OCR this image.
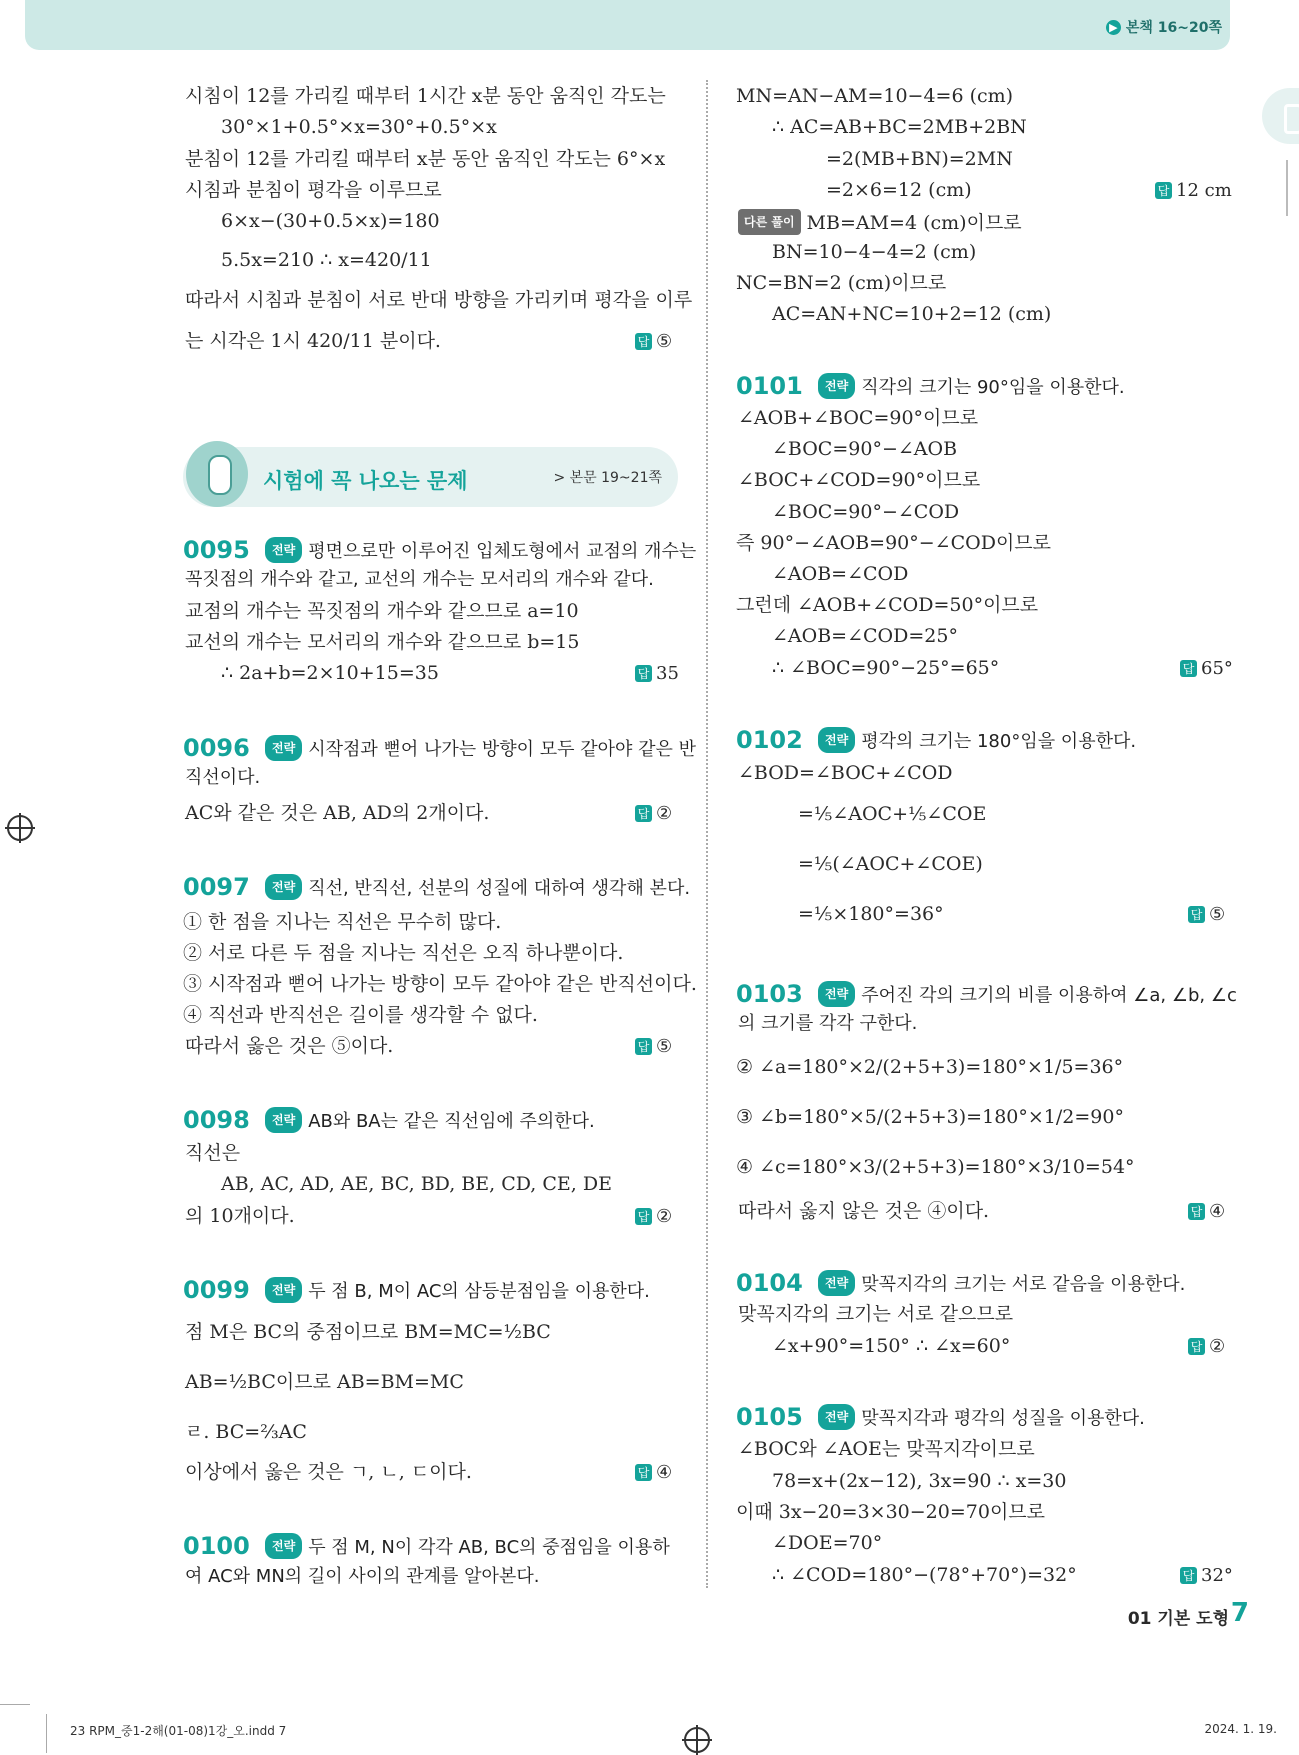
▶ 본책 16~20쪽
시침이 12를 가리킬 때부터 1시간 x분 동안 움직인 각도는
30°×1+0.5°×x=30°+0.5°×x
분침이 12를 가리킬 때부터 x분 동안 움직인 각도는 6°×x
시침과 분침이 평각을 이루므로
6×x−(30+0.5×x)=180
5.5x=210 ∴ x=420/11
따라서 시침과 분침이 서로 반대 방향을 가리키며 평각을 이루
는 시각은 1시 420/11 분이다.	답 ⑤
시험에 꼭 나오는 문제	> 본문 19~21쪽
0095	전략 평면으로만 이루어진 입체도형에서 교점의 개수는
꼭짓점의 개수와 같고, 교선의 개수는 모서리의 개수와 같다.
교점의 개수는 꼭짓점의 개수와 같으므로 a=10
교선의 개수는 모서리의 개수와 같으므로 b=15
∴ 2a+b=2×10+15=35	답 35
0096	전략 시작점과 뻗어 나가는 방향이 모두 같아야 같은 반
직선이다.
AC와 같은 것은 AB, AD의 2개이다.	답 ②
0097	전략 직선, 반직선, 선분의 성질에 대하여 생각해 본다.
① 한 점을 지나는 직선은 무수히 많다.
② 서로 다른 두 점을 지나는 직선은 오직 하나뿐이다.
③ 시작점과 뻗어 나가는 방향이 모두 같아야 같은 반직선이다.
④ 직선과 반직선은 길이를 생각할 수 없다.
따라서 옳은 것은 ⑤이다.	답 ⑤
0098	전략 AB와 BA는 같은 직선임에 주의한다.
직선은
AB, AC, AD, AE, BC, BD, BE, CD, CE, DE
의 10개이다.	답 ②
0099	전략 두 점 B, M이 AC의 삼등분점임을 이용한다.
점 M은 BC의 중점이므로 BM=MC=½BC
AB=½BC이므로 AB=BM=MC
ㄹ. BC=⅔AC
이상에서 옳은 것은 ㄱ, ㄴ, ㄷ이다.	답 ④
0100	전략 두 점 M, N이 각각 AB, BC의 중점임을 이용하
여 AC와 MN의 길이 사이의 관계를 알아본다.
MN=AN−AM=10−4=6 (cm)
∴ AC=AB+BC=2MB+2BN
=2(MB+BN)=2MN
=2×6=12 (cm)	답 12 cm
다른 풀이 MB=AM=4 (cm)이므로
BN=10−4−4=2 (cm)
NC=BN=2 (cm)이므로
AC=AN+NC=10+2=12 (cm)
0101	전략 직각의 크기는 90°임을 이용한다.
∠AOB+∠BOC=90°이므로
∠BOC=90°−∠AOB
∠BOC+∠COD=90°이므로
∠BOC=90°−∠COD
즉 90°−∠AOB=90°−∠COD이므로
∠AOB=∠COD
그런데 ∠AOB+∠COD=50°이므로
∠AOB=∠COD=25°
∴ ∠BOC=90°−25°=65°	답 65°
0102	전략 평각의 크기는 180°임을 이용한다.
∠BOD=∠BOC+∠COD
=⅕∠AOC+⅕∠COE
=⅕(∠AOC+∠COE)
=⅕×180°=36°	답 ⑤
0103	전략 주어진 각의 크기의 비를 이용하여 ∠a, ∠b, ∠c
의 크기를 각각 구한다.
② ∠a=180°×2/(2+5+3)=180°×1/5=36°
③ ∠b=180°×5/(2+5+3)=180°×1/2=90°
④ ∠c=180°×3/(2+5+3)=180°×3/10=54°
따라서 옳지 않은 것은 ④이다.	답 ④
0104	전략 맞꼭지각의 크기는 서로 같음을 이용한다.
맞꼭지각의 크기는 서로 같으므로
∠x+90°=150° ∴ ∠x=60°	답 ②
0105	전략 맞꼭지각과 평각의 성질을 이용한다.
∠BOC와 ∠AOE는 맞꼭지각이므로
78=x+(2x−12), 3x=90 ∴ x=30
이때 3x−20=3×30−20=70이므로
∠DOE=70°
∴ ∠COD=180°−(78°+70°)=32°	답 32°
01 기본 도형 7
23 RPM_중1-2해(01-08)1강_오.indd 7	2024. 1. 19.
